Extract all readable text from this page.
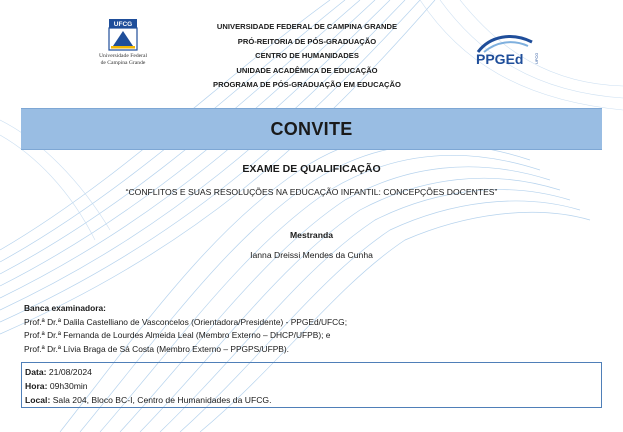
UFCG
Universidade Federal
de Campina Grande	PPGEd	UFCG
UNIVERSIDADE FEDERAL DE CAMPINA GRANDE
PRÓ-REITORIA DE PÓS-GRADUAÇÃO
CENTRO DE HUMANIDADES
UNIDADE ACADÊMICA DE EDUCAÇÃO
PROGRAMA DE PÓS-GRADUAÇÃO EM EDUCAÇÃO
CONVITE
EXAME DE QUALIFICAÇÃO
“CONFLITOS E SUAS RESOLUÇÕES NA EDUCAÇÃO INFANTIL: CONCEPÇÕES DOCENTES”
Mestranda
Ianna Dreissi Mendes da Cunha
Banca examinadora:
Prof.ª Dr.ª Dalila Castelliano de Vasconcelos (Orientadora/Presidente) - PPGEd/UFCG;
Prof.ª Dr.ª Fernanda de Lourdes Almeida Leal (Membro Externo – DHCP/UFPB); e
Prof.ª Dr.ª Lívia Braga de Sá Costa (Membro Externo – PPGPS/UFPB).
Data: 21/08/2024
Hora: 09h30min
Local: Sala 204, Bloco BC-I, Centro de Humanidades da UFCG.
